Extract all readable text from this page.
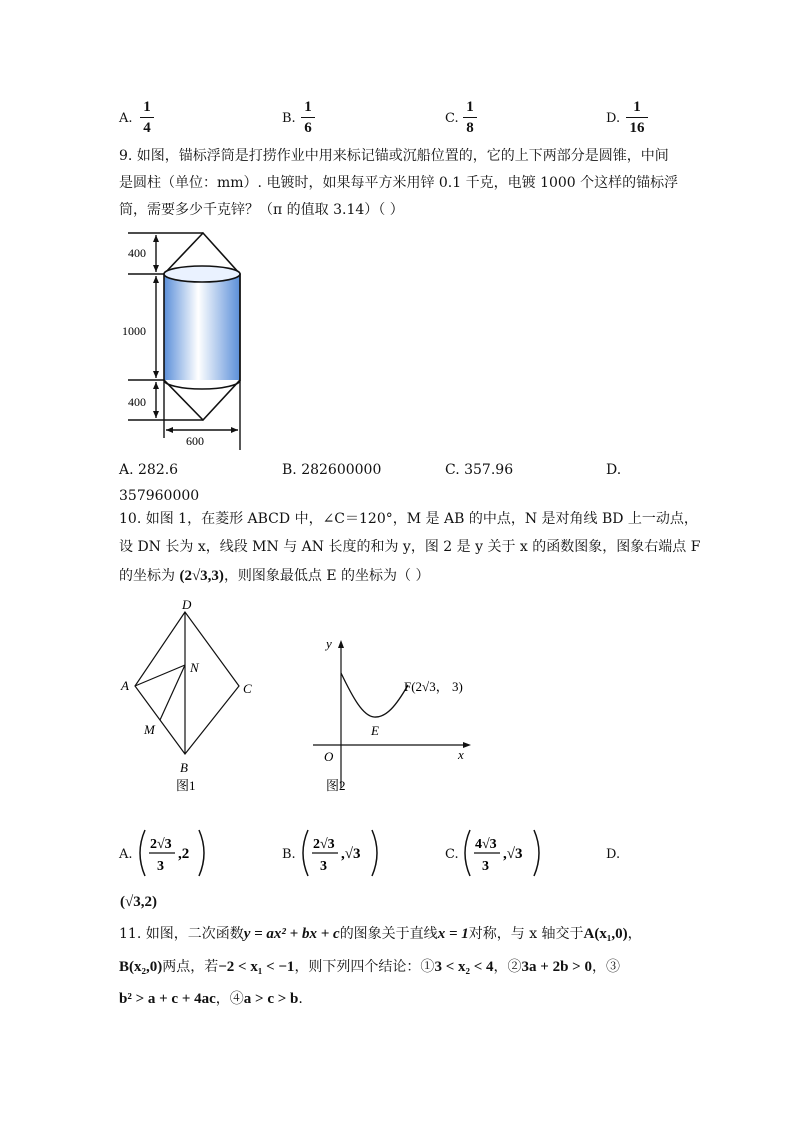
A.
1
4
B.
1
6
C.
1
8
D.
1
16
9. 如图，锚标浮筒是打捞作业中用来标记锚或沉船位置的，它的上下两部分是圆锥，中间
是圆柱（单位：mm）. 电镀时，如果每平方米用锌 0.1 千克，电镀 1000 个这样的锚标浮
筒，需要多少千克锌？（π 的值取 3.14）（ ）
400
1000
400
600
A. 282.6	B. 282600000	C. 357.96	D.
357960000
10. 如图 1，在菱形 ABCD 中，∠C＝120°，M 是 AB 的中点，N 是对角线 BD 上一动点，
设 DN 长为 x，线段 MN 与 AN 长度的和为 y，图 2 是 y 关于 x 的函数图象，图象右端点 F
的坐标为 (2√3,3)，则图象最低点 E 的坐标为（ ）
D
A
N
C
M
B
图1
y
x
O
E
F(2√3， 3)
图2
A.
2√3
3
,2	B.
2√3
3
,√3	C.
4√3
3
,√3	D.
(√3,2)
11. 如图，二次函数y = ax² + bx + c的图象关于直线x = 1对称，与 x 轴交于A(x₁,0)，
B(x₂,0)两点，若−2 < x₁ < −1，则下列四个结论：①3 < x₂ < 4，②3a + 2b > 0，③
b² > a + c + 4ac，④a > c > b.
